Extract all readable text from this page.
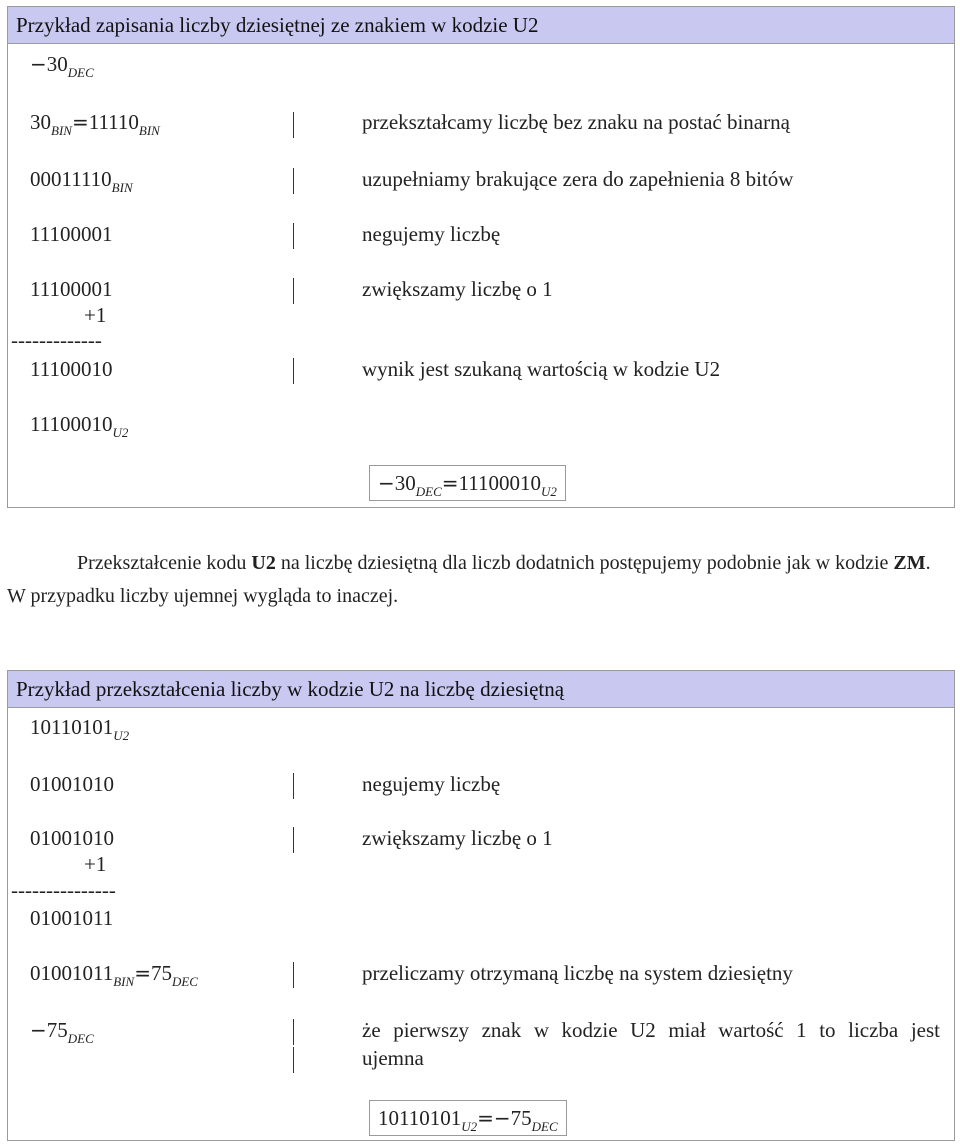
Przykład zapisania liczby dziesiętnej ze znakiem w kodzie U2
$-30_{DEC}$
$30_{BIN}=11110_{BIN}$	przekształcamy liczbę bez znaku na postać binarną
$00011110_{BIN}$	uzupełniamy brakujące zera do zapełnienia 8 bitów
11100001	negujemy liczbę
11100001	zwiększamy liczbę o 1
+1
-------------
11100010	wynik jest szukaną wartością w kodzie U2
$11100010_{U2}$
$-30_{DEC}=11100010_{U2}$
Przekształcenie kodu U2 na liczbę dziesiętną dla liczb dodatnich postępujemy podobnie jak w kodzie ZM. W przypadku liczby ujemnej wygląda to inaczej.
Przykład przekształcenia liczby w kodzie U2 na liczbę dziesiętną
$10110101_{U2}$
01001010	negujemy liczbę
01001010	zwiększamy liczbę o 1
+1
---------------
01001011
$01001011_{BIN}=75_{DEC}$	przeliczamy otrzymaną liczbę na system dziesiętny
$-75_{DEC}$	że pierwszy znak w kodzie U2 miał wartość 1 to liczba jest
ujemna
$10110101_{U2}=-75_{DEC}$
